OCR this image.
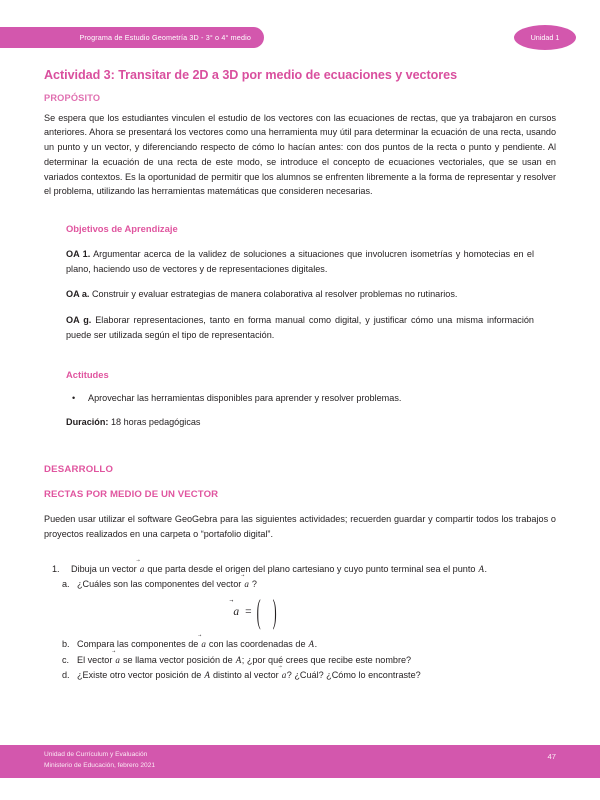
Programa de Estudio Geometría 3D - 3° o 4° medio	Unidad 1
Actividad 3: Transitar de 2D a 3D por medio de ecuaciones y vectores
PROPÓSITO

Se espera que los estudiantes vinculen el estudio de los vectores con las ecuaciones de rectas, que ya trabajaron en cursos anteriores. Ahora se presentará los vectores como una herramienta muy útil para determinar la ecuación de una recta, usando un punto y un vector, y diferenciando respecto de cómo lo hacían antes: con dos puntos de la recta o punto y pendiente. Al determinar la ecuación de una recta de este modo, se introduce el concepto de ecuaciones vectoriales, que se usan en variados contextos. Es la oportunidad de permitir que los alumnos se enfrenten libremente a la forma de representar y resolver el problema, utilizando las herramientas matemáticas que consideren necesarias.

Objetivos de Aprendizaje

OA 1. Argumentar acerca de la validez de soluciones a situaciones que involucren isometrías y homotecias en el plano, haciendo uso de vectores y de representaciones digitales.

OA a. Construir y evaluar estrategias de manera colaborativa al resolver problemas no rutinarios.

OA g. Elaborar representaciones, tanto en forma manual como digital, y justificar cómo una misma información puede ser utilizada según el tipo de representación.

Actitudes
•	Aprovechar las herramientas disponibles para aprender y resolver problemas.

Duración: 18 horas pedagógicas

DESARROLLO
RECTAS POR MEDIO DE UN VECTOR

Pueden usar utilizar el software GeoGebra para las siguientes actividades; recuerden guardar y compartir todos los trabajos o proyectos realizados en una carpeta o “portafolio digital”.

1.	Dibuja un vector
a que parta desde el origen del plano cartesiano y cuyo punto terminal sea el punto A.
a. ¿Cuáles son las componentes del vector
a ?
a = ( )
b. Compara las componentes de
a con las coordenadas de A.
c. El vector
a se llama vector posición de A; ¿por qué crees que recibe este nombre?
d. ¿Existe otro vector posición de A distinto al vector
a? ¿Cuál? ¿Cómo lo encontraste?
Unidad de Currículum y Evaluación
Ministerio de Educación, febrero 2021
47
